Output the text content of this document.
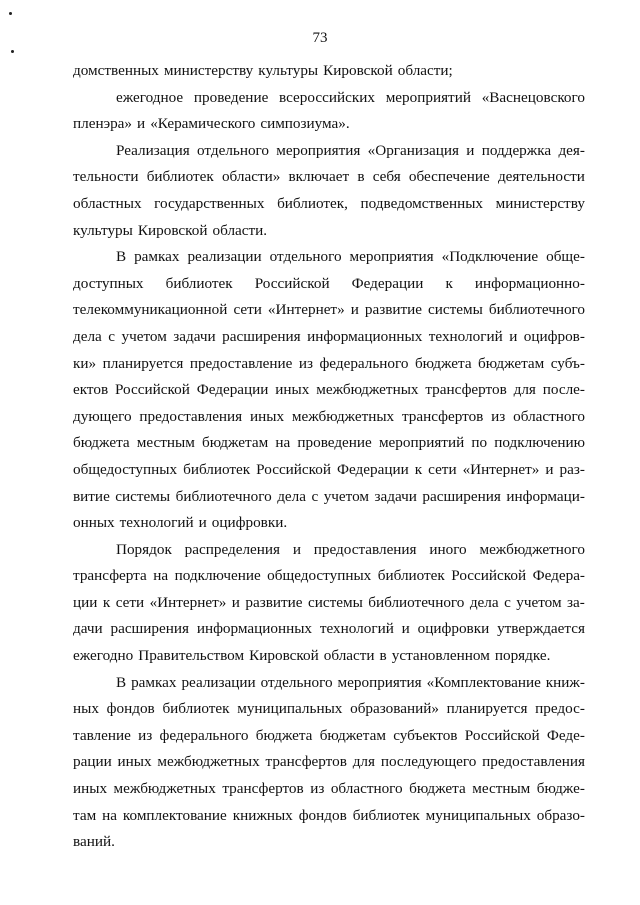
73
домственных министерству культуры Кировской области;
ежегодное проведение всероссийских мероприятий «Васнецовского
пленэра» и «Керамического симпозиума».
Реализация отдельного мероприятия «Организация и поддержка дея-
тельности библиотек области» включает в себя обеспечение деятельности
областных государственных библиотек, подведомственных министерству
культуры Кировской области.
В рамках реализации отдельного мероприятия «Подключение обще-
доступных библиотек Российской Федерации к информационно-
телекоммуникационной сети «Интернет» и развитие системы библиотечного
дела с учетом задачи расширения информационных технологий и оцифров-
ки» планируется предоставление из федерального бюджета бюджетам субъ-
ектов Российской Федерации иных межбюджетных трансфертов для после-
дующего предоставления иных межбюджетных трансфертов из областного
бюджета местным бюджетам на проведение мероприятий по подключению
общедоступных библиотек Российской Федерации к сети «Интернет» и раз-
витие системы библиотечного дела с учетом задачи расширения информаци-
онных технологий и оцифровки.
Порядок распределения и предоставления иного межбюджетного
трансферта на подключение общедоступных библиотек Российской Федера-
ции к сети «Интернет» и развитие системы библиотечного дела с учетом за-
дачи расширения информационных технологий и оцифровки утверждается
ежегодно Правительством Кировской области в установленном порядке.
В рамках реализации отдельного мероприятия «Комплектование книж-
ных фондов библиотек муниципальных образований» планируется предос-
тавление из федерального бюджета бюджетам субъектов Российской Феде-
рации иных межбюджетных трансфертов для последующего предоставления
иных межбюджетных трансфертов из областного бюджета местным бюдже-
там на комплектование книжных фондов библиотек муниципальных образо-
ваний.
